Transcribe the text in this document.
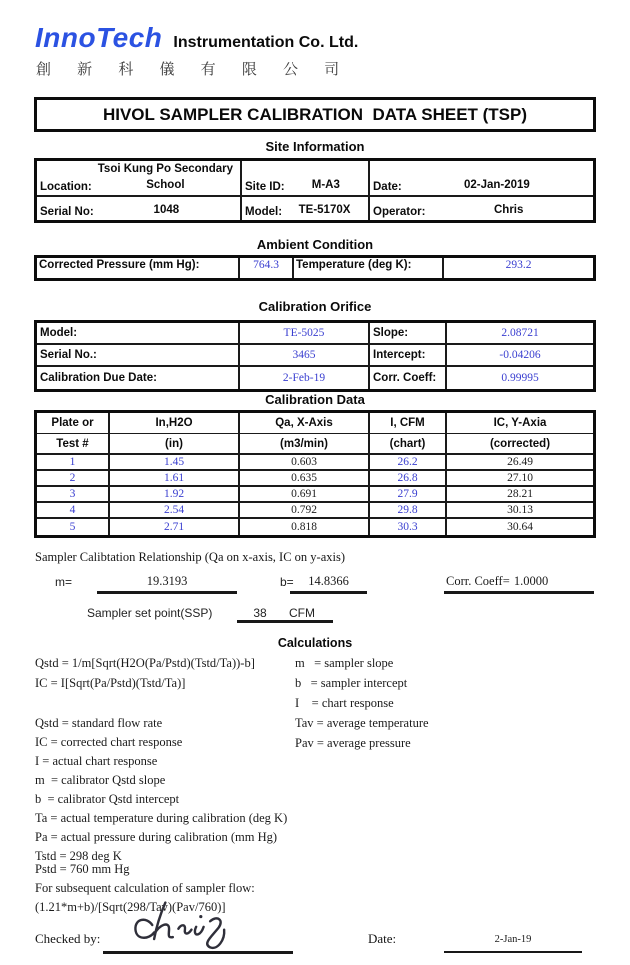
InnoTech Instrumentation Co. Ltd.
創 新 科 儀 有 限 公 司
HIVOL SAMPLER CALIBRATION  DATA SHEET (TSP)
Site Information
Location:
Tsoi Kung Po Secondary School	Site ID:	M-A3	Date:	02-Jan-2019
Serial No:	1048	Model:	TE-5170X	Operator:	Chris
Ambient Condition
Corrected Pressure (mm Hg):	764.3	Temperature (deg K):	293.2
Calibration Orifice
Model:	TE-5025	Slope:	2.08721
Serial No.:	3465	Intercept:	-0.04206
Calibration Due Date:	2-Feb-19	Corr. Coeff:	0.99995
Calibration Data
Plate or	In,H2O	Qa, X-Axis	I, CFM	IC, Y-Axia
Test #	(in)	(m3/min)	(chart)	(corrected)
1	1.45	0.603	26.2	26.49
2	1.61	0.635	26.8	27.10
3	1.92	0.691	27.9	28.21
4	2.54	0.792	29.8	30.13
5	2.71	0.818	30.3	30.64
Sampler Calibtation Relationship (Qa on x-axis, IC on y-axis)
m=	19.3193	b=	14.8366	Corr. Coeff= 1.0000
Sampler set point(SSP)	38	CFM
Calculations
Qstd = 1/m[Sqrt(H2O(Pa/Pstd)(Tstd/Ta))-b]
IC = I[Sqrt(Pa/Pstd)(Tstd/Ta)]
m   = sampler slope
b   = sampler intercept
I    = chart response
Tav = average temperature
Pav = average pressure
Qstd = standard flow rate
IC = corrected chart response
I = actual chart response
m  = calibrator Qstd slope
b  = calibrator Qstd intercept
Ta = actual temperature during calibration (deg K)
Pa = actual pressure during calibration (mm Hg)
Tstd = 298 deg K
Pstd = 760 mm Hg
For subsequent calculation of sampler flow:
(1.21*m+b)/[Sqrt(298/Tav)(Pav/760)]
Checked by:	Date:	2-Jan-19
